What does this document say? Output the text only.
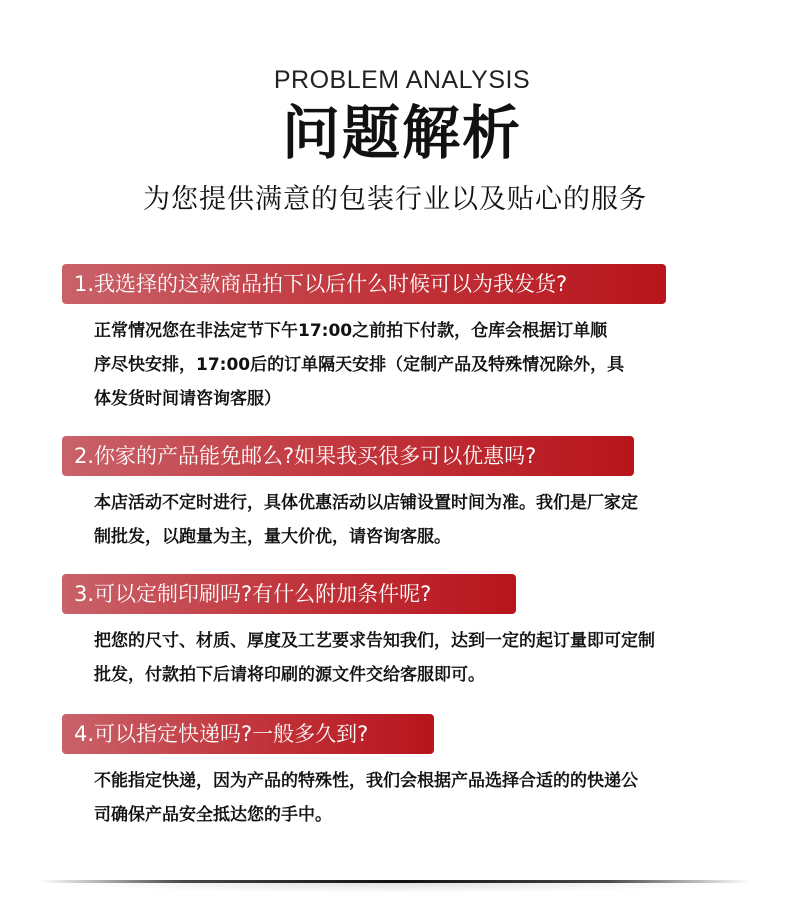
PROBLEM ANALYSIS
问题解析
为您提供满意的包装行业以及贴心的服务
1.我选择的这款商品拍下以后什么时候可以为我发货?
正常情况您在非法定节下午17:00之前拍下付款，仓库会根据订单顺
序尽快安排，17:00后的订单隔天安排（定制产品及特殊情况除外，具
体发货时间请咨询客服）
2.你家的产品能免邮么?如果我买很多可以优惠吗?
本店活动不定时进行，具体优惠活动以店铺设置时间为准。我们是厂家定
制批发，以跑量为主，量大价优，请咨询客服。
3.可以定制印刷吗?有什么附加条件呢?
把您的尺寸、材质、厚度及工艺要求告知我们，达到一定的起订量即可定制
批发，付款拍下后请将印刷的源文件交给客服即可。
4.可以指定快递吗?一般多久到?
不能指定快递，因为产品的特殊性，我们会根据产品选择合适的的快递公
司确保产品安全抵达您的手中。
